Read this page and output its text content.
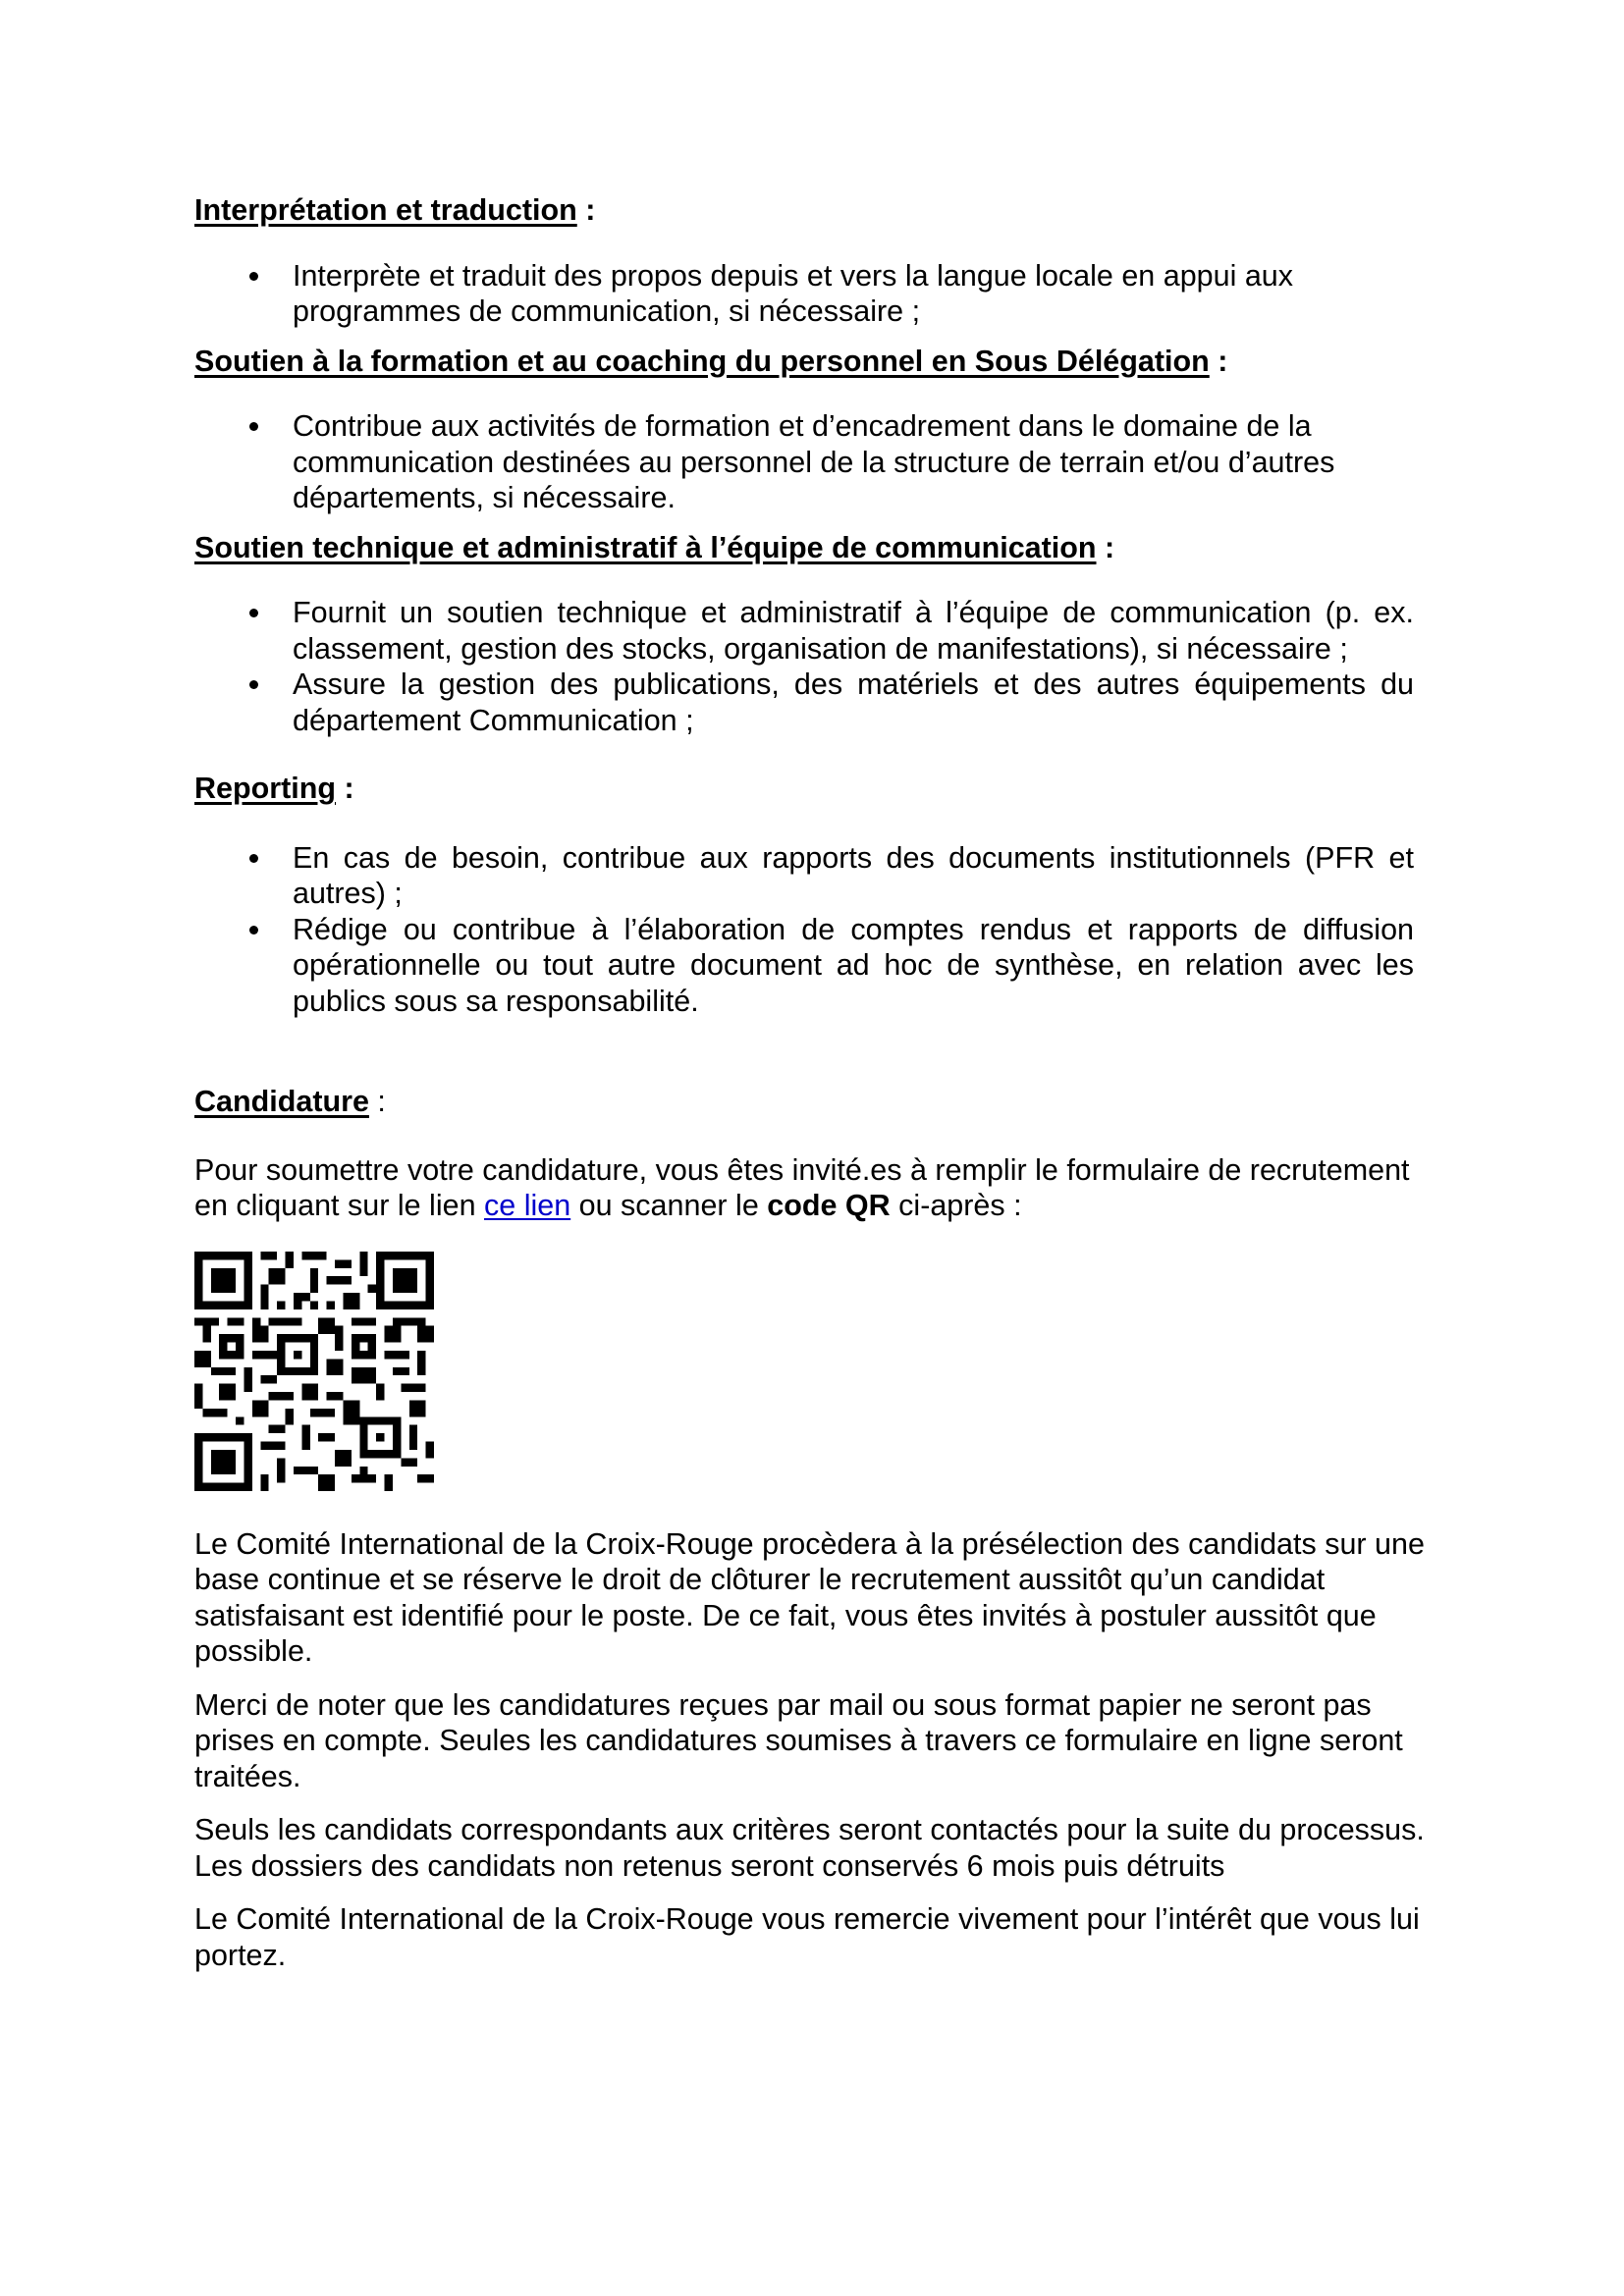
Interprétation et traduction :

Interprète et traduit des propos depuis et vers la langue locale en appui aux programmes de communication, si nécessaire ;

Soutien à la formation et au coaching du personnel en Sous Délégation :

Contribue aux activités de formation et d’encadrement dans le domaine de la communication destinées au personnel de la structure de terrain et/ou d’autres départements, si nécessaire.

Soutien technique et administratif à l’équipe de communication :

Fournit un soutien technique et administratif à l’équipe de communication (p. ex. classement, gestion des stocks, organisation de manifestations), si nécessaire ;
Assure la gestion des publications, des matériels et des autres équipements du département Communication ;

Reporting :

En cas de besoin, contribue aux rapports des documents institutionnels (PFR et autres) ;
Rédige ou contribue à l’élaboration de comptes rendus et rapports de diffusion opérationnelle ou tout autre document ad hoc de synthèse, en relation avec les publics sous sa responsabilité.

Candidature :

Pour soumettre votre candidature, vous êtes invité.es à remplir le formulaire de recrutement en cliquant sur le lien ce lien ou scanner le code QR ci-après :

Le Comité International de la Croix-Rouge procèdera à la présélection des candidats sur une base continue et se réserve le droit de clôturer le recrutement aussitôt qu’un candidat satisfaisant est identifié pour le poste. De ce fait, vous êtes invités à postuler aussitôt que possible.

Merci de noter que les candidatures reçues par mail ou sous format papier ne seront pas prises en compte. Seules les candidatures soumises à travers ce formulaire en ligne seront traitées.

Seuls les candidats correspondants aux critères seront contactés pour la suite du processus. Les dossiers des candidats non retenus seront conservés 6 mois puis détruits

Le Comité International de la Croix-Rouge vous remercie vivement pour l’intérêt que vous lui portez.
